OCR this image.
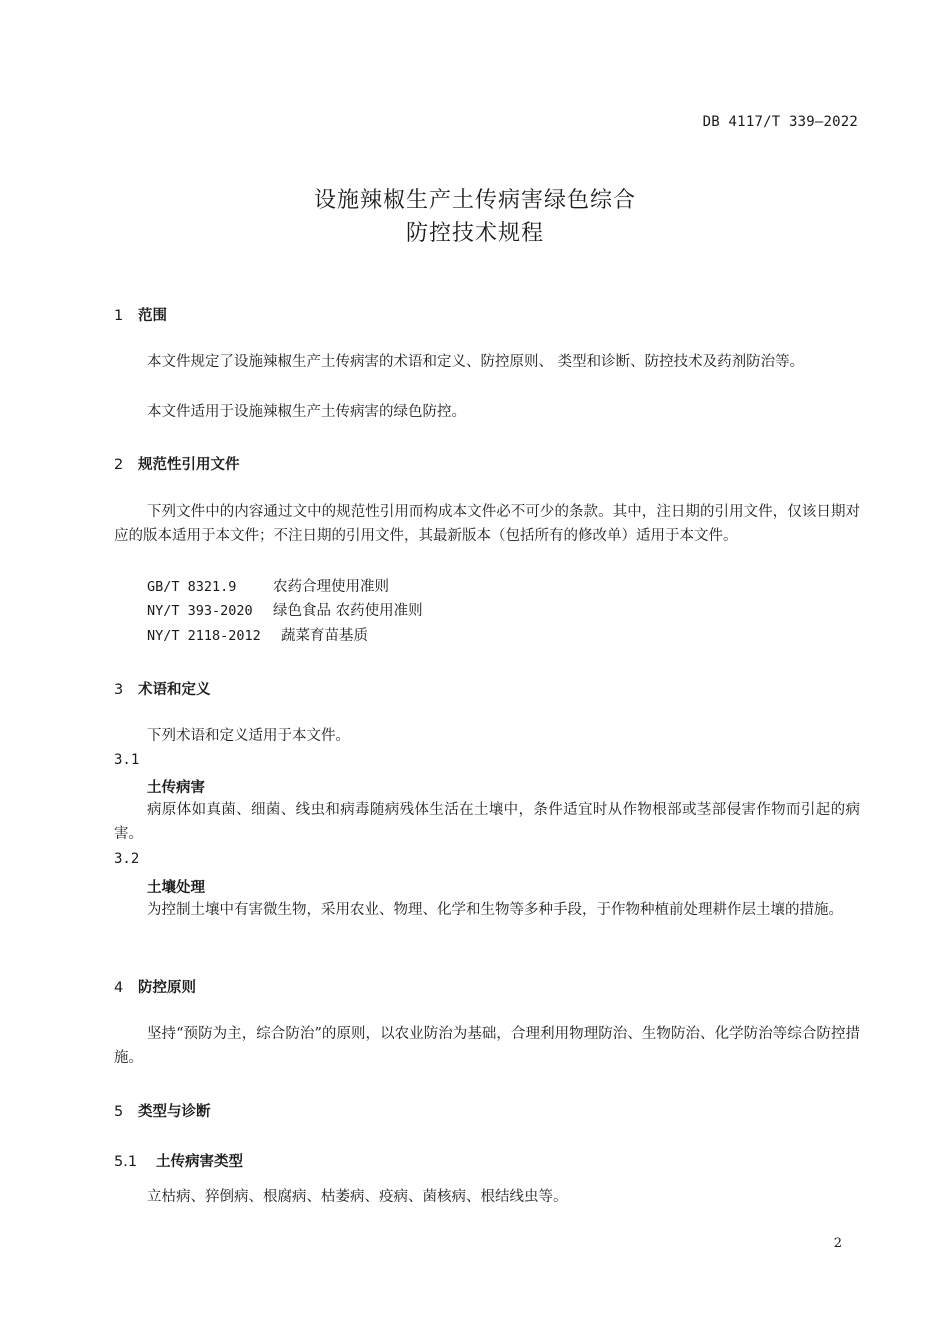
DB 4117/T 339—2022
设施辣椒生产土传病害绿色综合
防控技术规程
1 范围

本文件规定了设施辣椒生产土传病害的术语和定义、防控原则、 类型和诊断、防控技术及药剂防治等。

本文件适用于设施辣椒生产土传病害的绿色防控。

2 规范性引用文件

下列文件中的内容通过文中的规范性引用而构成本文件必不可少的条款。其中，注日期的引用文件，仅该日期对应的版本适用于本文件；不注日期的引用文件，其最新版本（包括所有的修改单）适用于本文件。

GB/T 8321.9	农药合理使用准则
NY/T 393-2020 绿色食品 农药使用准则
NY/T 2118-2012 蔬菜育苗基质
3 术语和定义

下列术语和定义适用于本文件。

3.1
土传病害

病原体如真菌、细菌、线虫和病毒随病残体生活在土壤中，条件适宜时从作物根部或茎部侵害作物而引起的病害。

3.2
土壤处理

为控制土壤中有害微生物，采用农业、物理、化学和生物等多种手段，于作物种植前处理耕作层土壤的措施。

4 防控原则

坚持“预防为主，综合防治”的原则，以农业防治为基础，合理利用物理防治、生物防治、化学防治等综合防控措施。

5 类型与诊断
5.1 土传病害类型

立枯病、猝倒病、根腐病、枯萎病、疫病、菌核病、根结线虫等。

2
